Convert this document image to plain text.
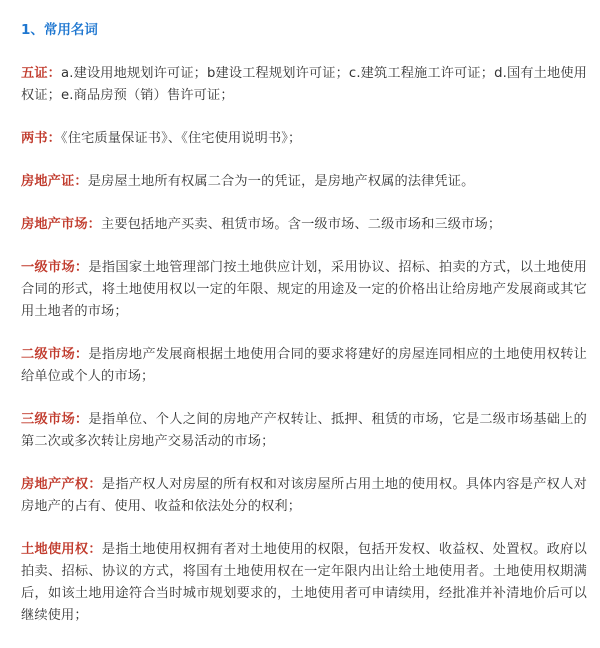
1、常用名词

五证：a.建设用地规划许可证；b建设工程规划许可证；c.建筑工程施工许可证；d.国有土地使用权证；e.商品房预（销）售许可证；

两书：《住宅质量保证书》、《住宅使用说明书》；

房地产证：是房屋土地所有权属二合为一的凭证，是房地产权属的法律凭证。

房地产市场：主要包括地产买卖、租赁市场。含一级市场、二级市场和三级市场；

一级市场：是指国家土地管理部门按土地供应计划，采用协议、招标、拍卖的方式，以土地使用合同的形式，将土地使用权以一定的年限、规定的用途及一定的价格出让给房地产发展商或其它用土地者的市场；

二级市场：是指房地产发展商根据土地使用合同的要求将建好的房屋连同相应的土地使用权转让给单位或个人的市场；

三级市场：是指单位、个人之间的房地产产权转让、抵押、租赁的市场，它是二级市场基础上的第二次或多次转让房地产交易活动的市场；

房地产产权：是指产权人对房屋的所有权和对该房屋所占用土地的使用权。具体内容是产权人对房地产的占有、使用、收益和依法处分的权利；

土地使用权：是指土地使用权拥有者对土地使用的权限，包括开发权、收益权、处置权。政府以拍卖、招标、协议的方式，将国有土地使用权在一定年限内出让给土地使用者。土地使用权期满后，如该土地用途符合当时城市规划要求的，土地使用者可申请续用，经批准并补清地价后可以继续使用；
